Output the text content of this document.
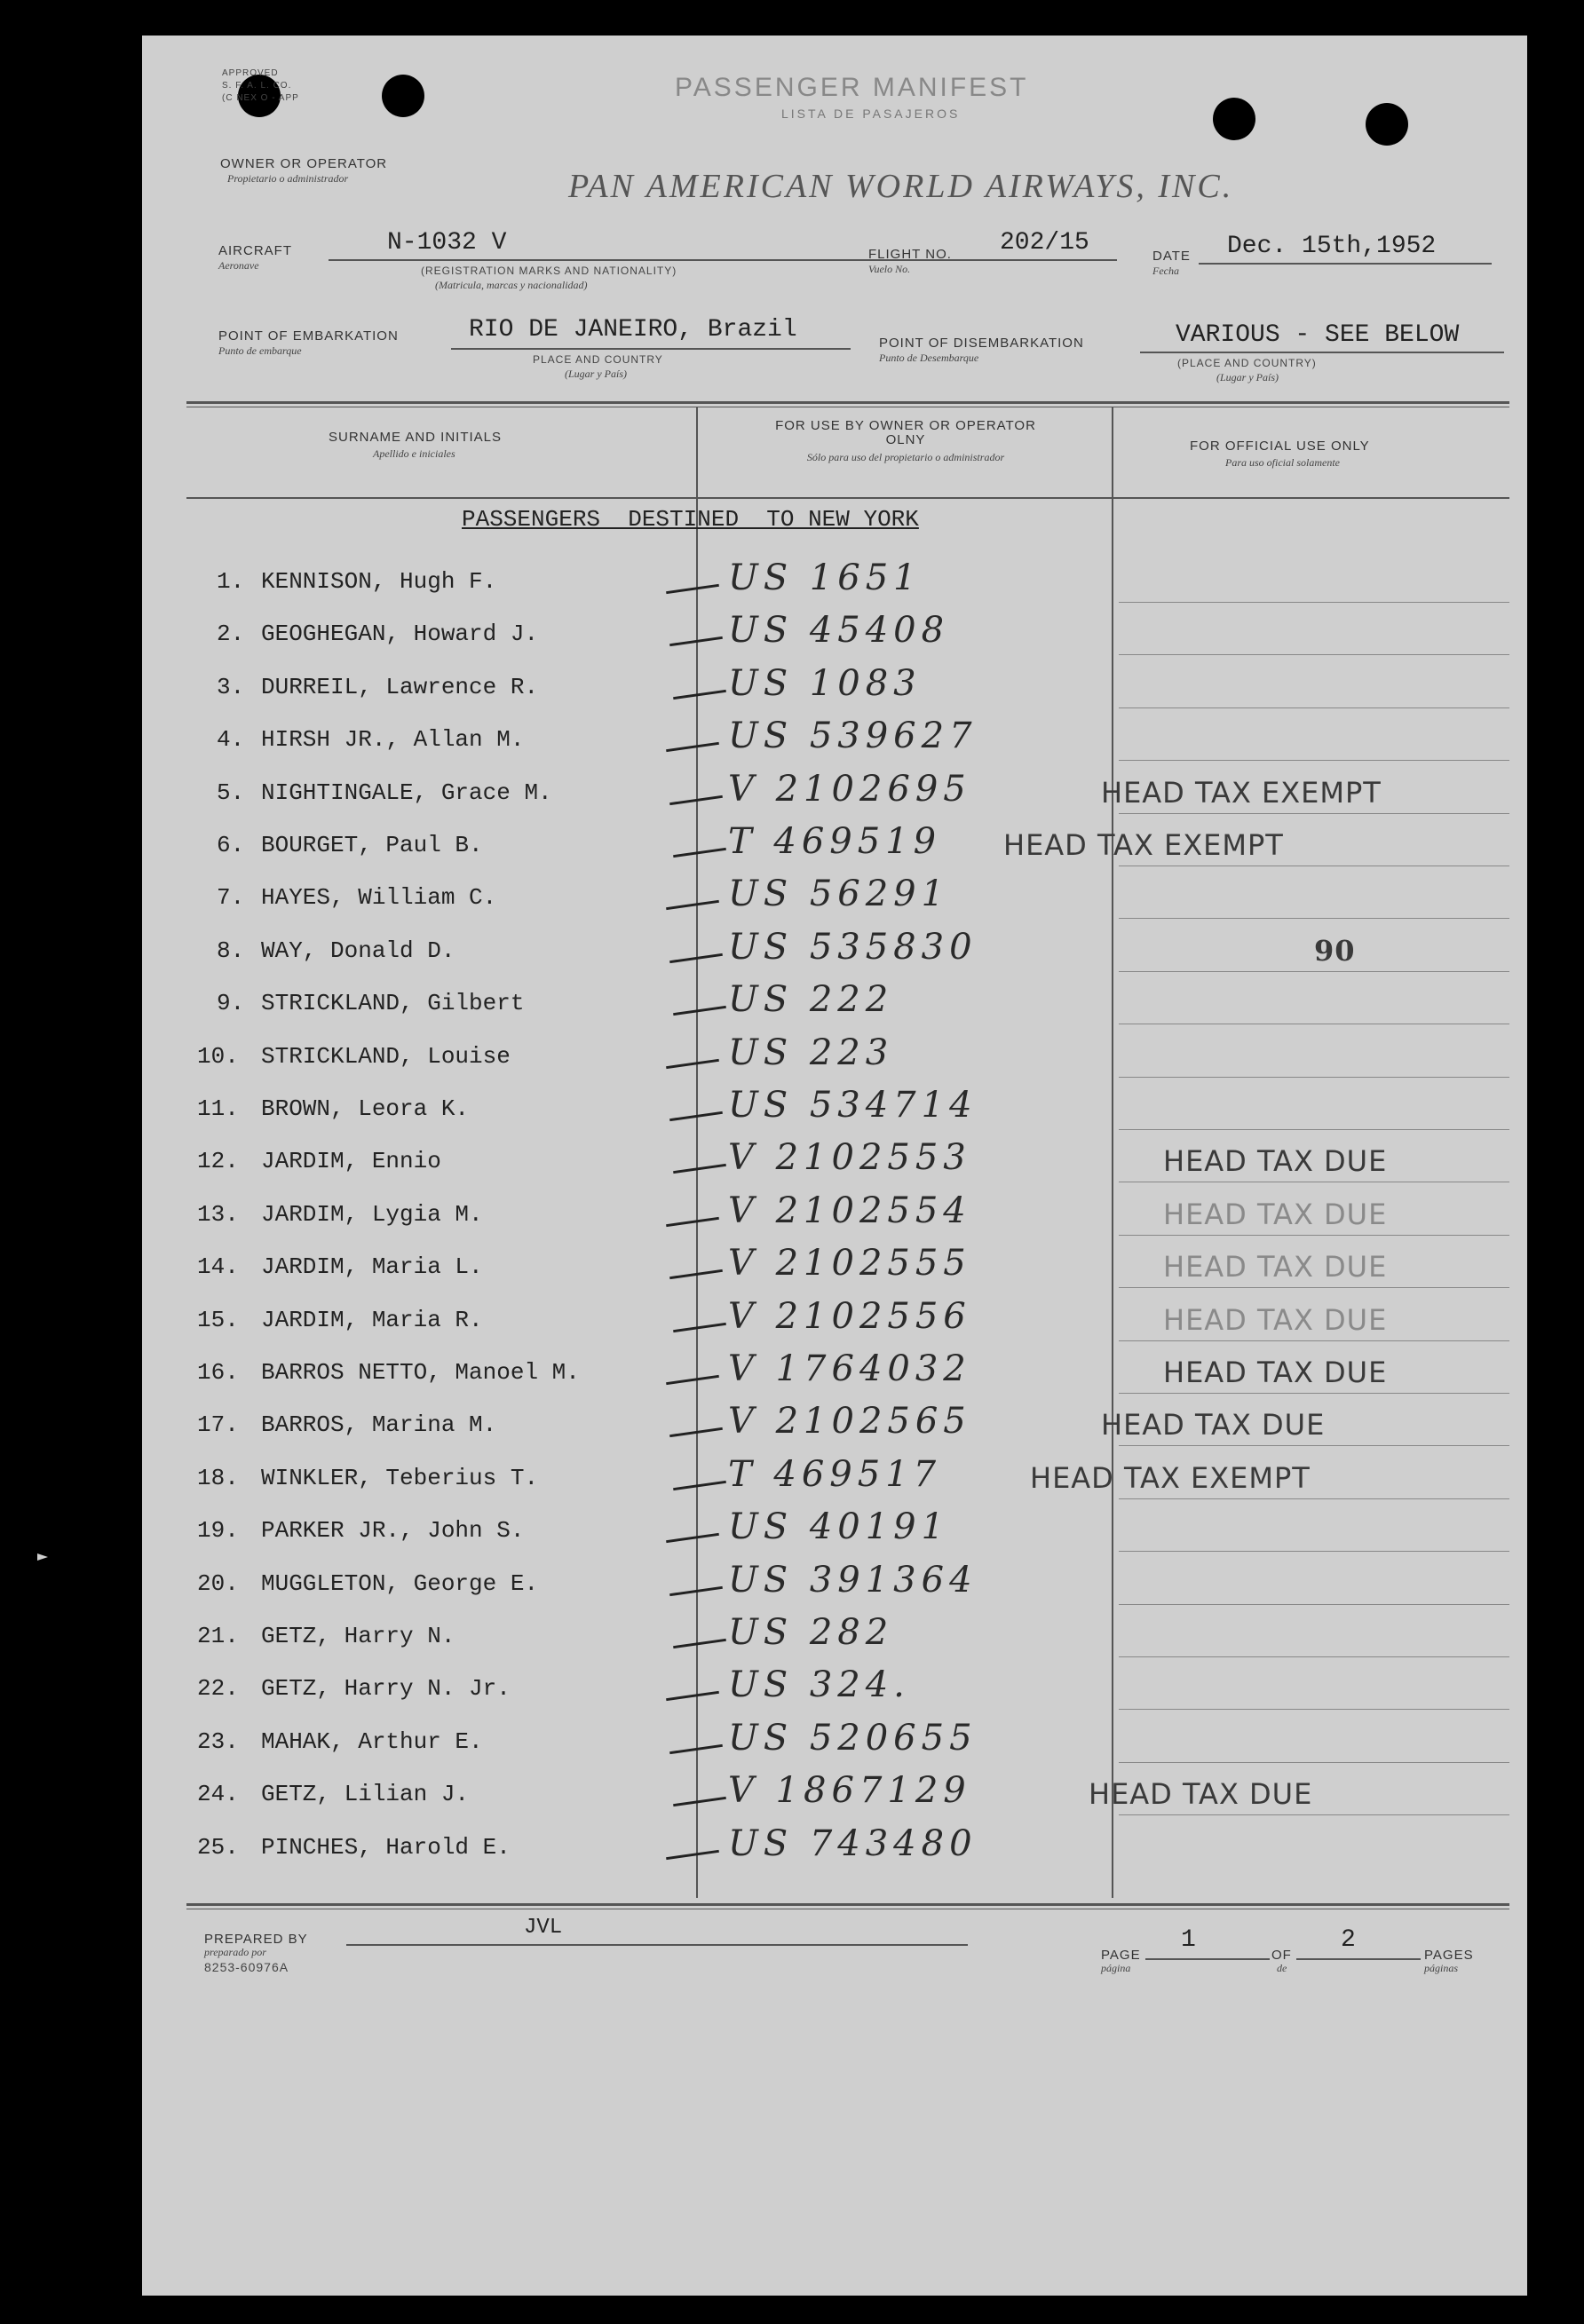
APPROVED
S. F. A. L. CO.
(C NEX O - APP	PASSENGER MANIFEST
LISTA DE PASAJEROS
OWNER OR OPERATOR
Propietario o administrador	PAN AMERICAN WORLD AIRWAYS, INC.
AIRCRAFT
Aeronave
N-1032 V
(REGISTRATION MARKS AND NATIONALITY)
(Matricula, marcas y nacionalidad)
FLIGHT NO.
Vuelo No.
202/15	DATE
Fecha
Dec. 15th,1952
POINT OF EMBARKATION
Punto de embarque
RIO DE JANEIRO, Brazil
PLACE AND COUNTRY
(Lugar y País)
POINT OF DISEMBARKATION
Punto de Desembarque
VARIOUS - SEE BELOW
(PLACE AND COUNTRY)
(Lugar y País)
SURNAME AND INITIALS
Apellido e iniciales
FOR USE BY OWNER OR OPERATOR OLNY
Sólo para uso del propietario o administrador
FOR OFFICIAL USE ONLY
Para uso oficial solamente
PASSENGERS  DESTINED  TO NEW YORK
1. KENNISON, Hugh F.	US 1651
2. GEOGHEGAN, Howard J.	US 45408
3. DURREIL, Lawrence R.	US 1083
4. HIRSH JR., Allan M.	US 539627
5. NIGHTINGALE, Grace M.	V 2102695	HEAD TAX EXEMPT
6. BOURGET, Paul B.	T 469519 HEAD TAX EXEMPT
7. HAYES, William C.	US 56291
8. WAY, Donald D.	US 535830	90
9. STRICKLAND, Gilbert	US 222
10. STRICKLAND, Louise	US 223
11. BROWN, Leora K.	US 534714
12. JARDIM, Ennio	V 2102553	HEAD TAX DUE
13. JARDIM, Lygia M.	V 2102554	HEAD TAX DUE
14. JARDIM, Maria L.	V 2102555	HEAD TAX DUE
15. JARDIM, Maria R.	V 2102556	HEAD TAX DUE
16. BARROS NETTO, Manoel M.	V 1764032	HEAD TAX DUE
17. BARROS, Marina M.	V 2102565	HEAD TAX DUE
18. WINKLER, Teberius T.	T 469517	HEAD TAX EXEMPT
19. PARKER JR., John S.	US 40191
20. MUGGLETON, George E.	US 391364
21. GETZ, Harry N.	US 282
22. GETZ, Harry N. Jr.	US 324.
23. MAHAK, Arthur E.	US 520655
24. GETZ, Lilian J.	V 1867129	HEAD TAX DUE
25. PINCHES, Harold E.	US 743480
PREPARED BY
preparado por
8253-60976A
JVL
PAGE
página
1
OF
de
2
PAGES
páginas
